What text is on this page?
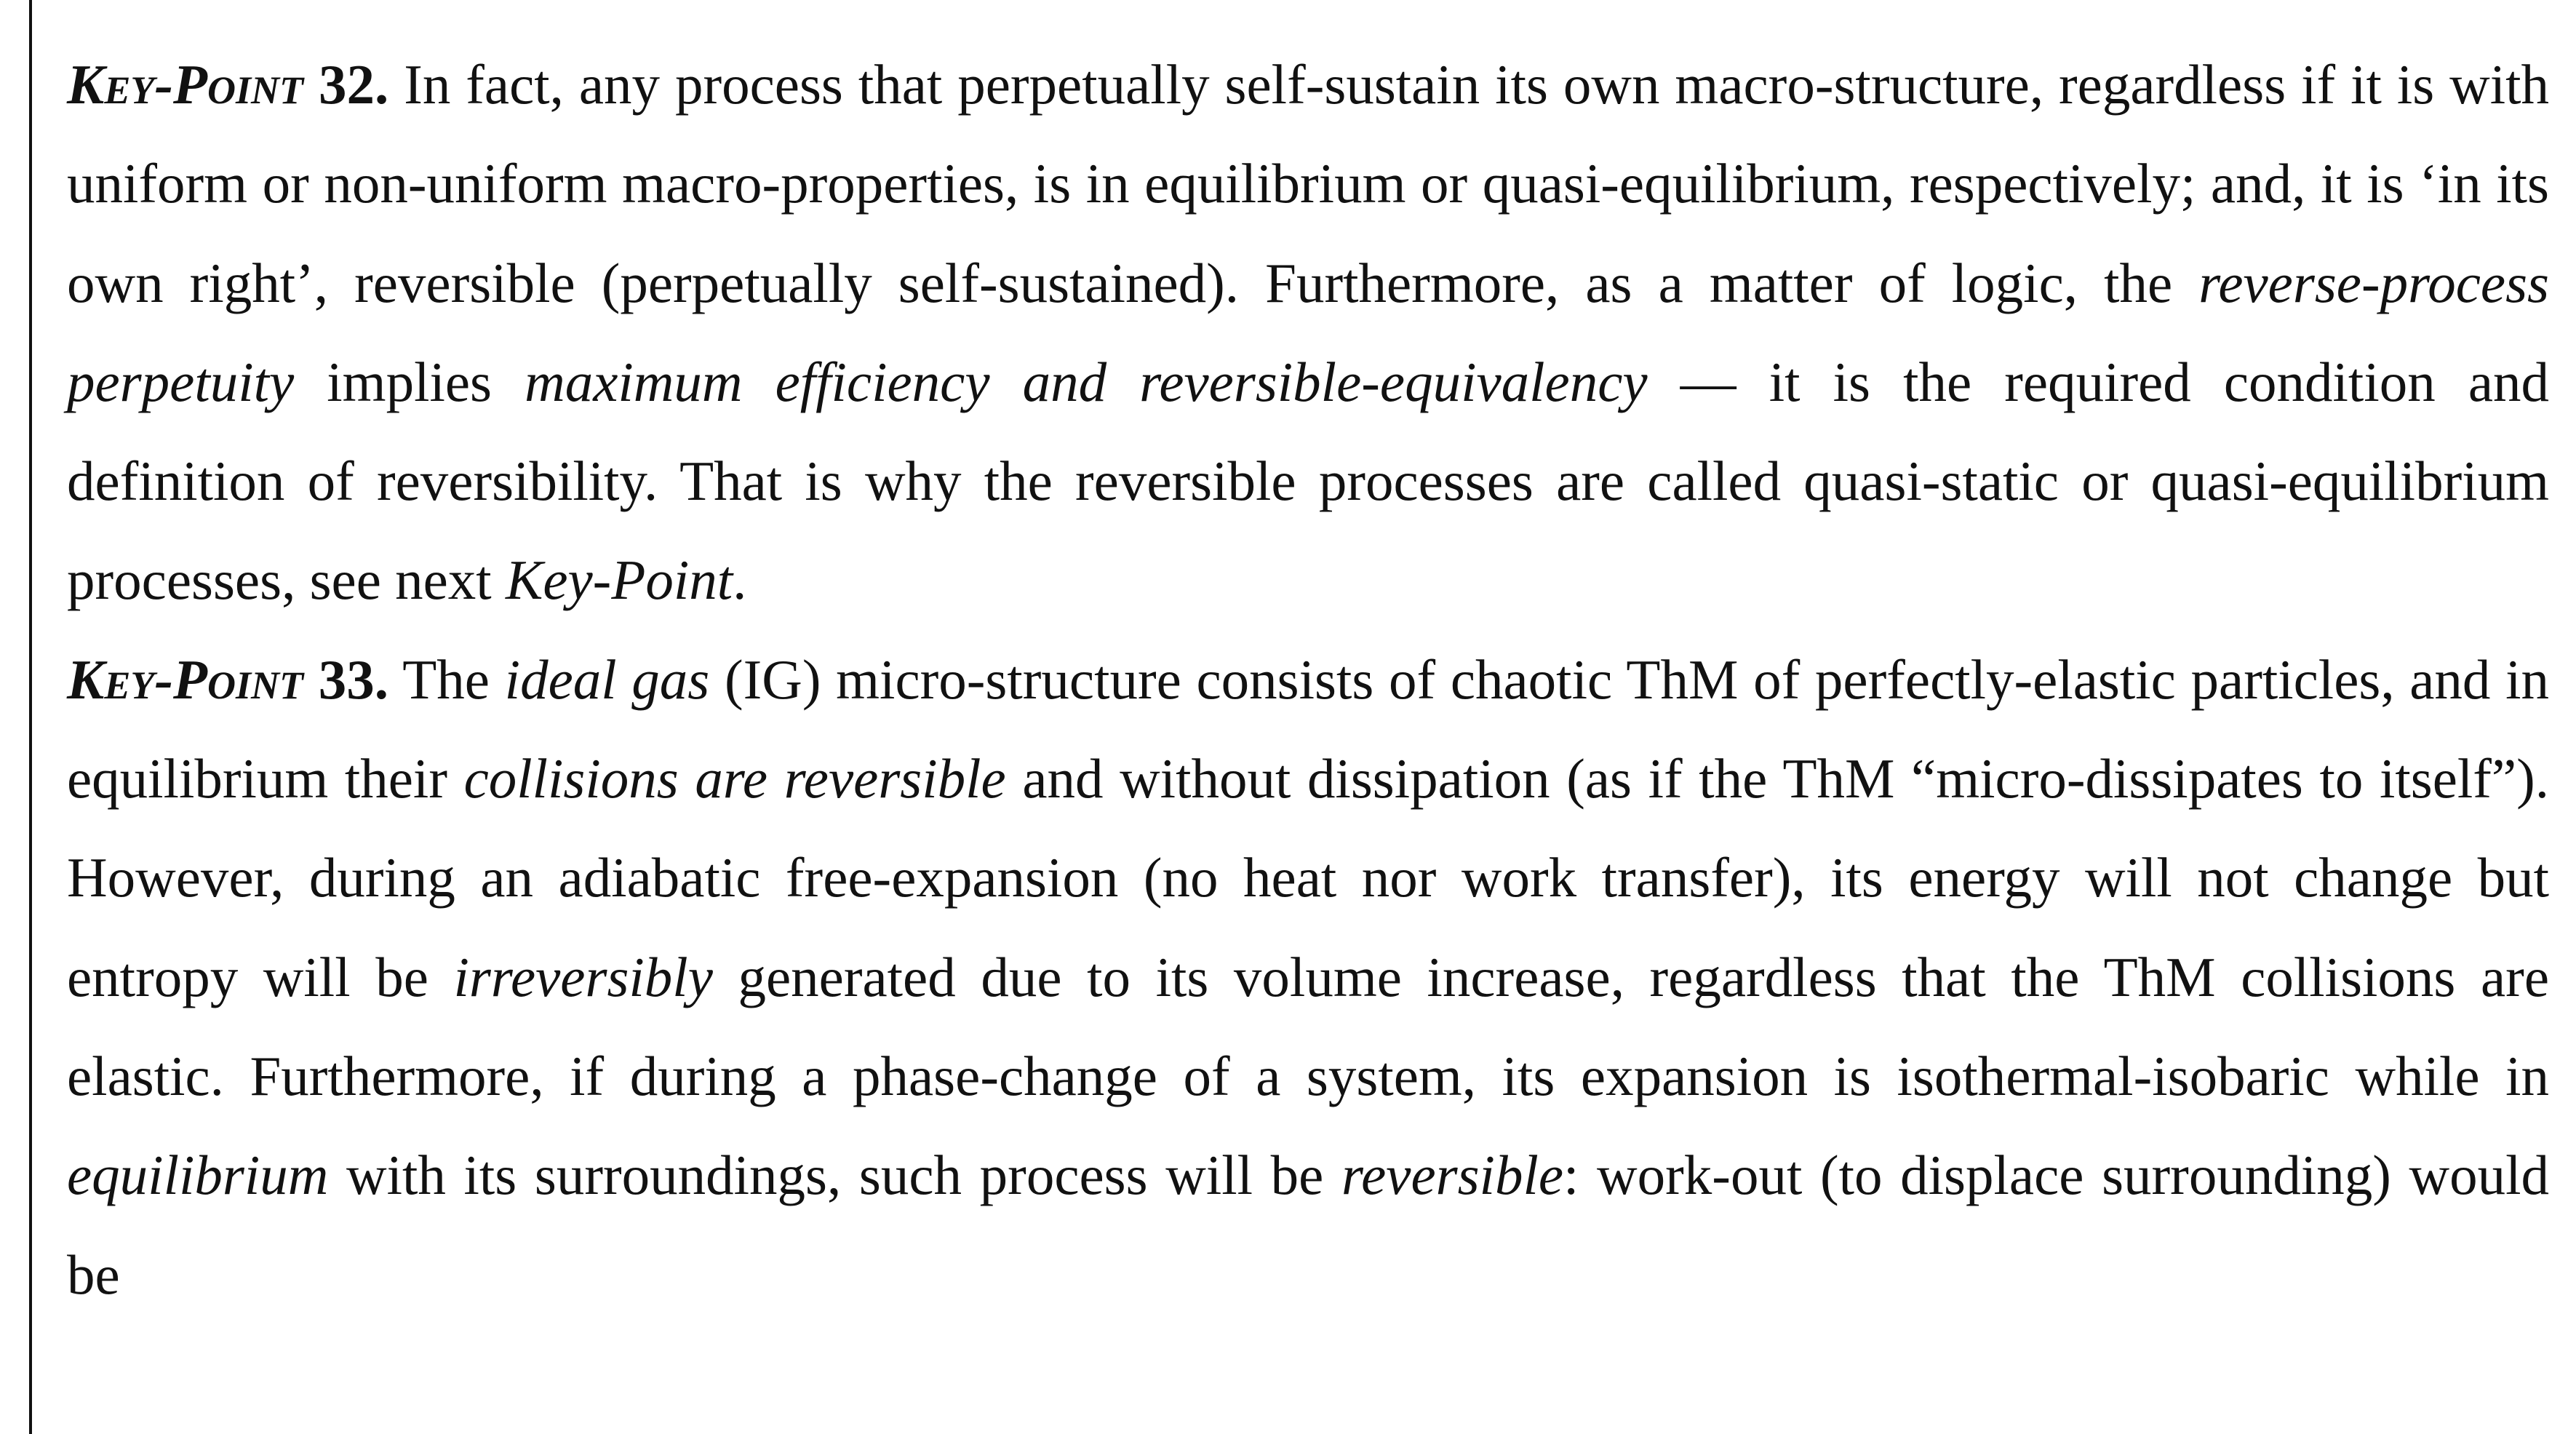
Key-Point 32. In fact, any process that perpetually self-sustain its own macro-structure, regardless if it is with uniform or non-uniform macro-properties, is in equilibrium or quasi-equilibrium, respectively; and, it is ‘in its own right’, reversible (perpetually self-sustained). Furthermore, as a matter of logic, the reverse-process perpetuity implies maximum efficiency and reversible-equivalency — it is the required condition and definition of reversibility. That is why the reversible processes are called quasi-static or quasi-equilibrium processes, see next Key-Point.

Key-Point 33. The ideal gas (IG) micro-structure consists of chaotic ThM of perfectly-elastic particles, and in equilibrium their collisions are reversible and without dissipation (as if the ThM “micro-dissipates to itself”). However, during an adiabatic free-expansion (no heat nor work transfer), its energy will not change but entropy will be irreversibly generated due to its volume increase, regardless that the ThM collisions are elastic. Furthermore, if during a phase-change of a system, its expansion is isothermal-isobaric while in equilibrium with its surroundings, such process will be reversible: work-out (to displace surrounding) would be
